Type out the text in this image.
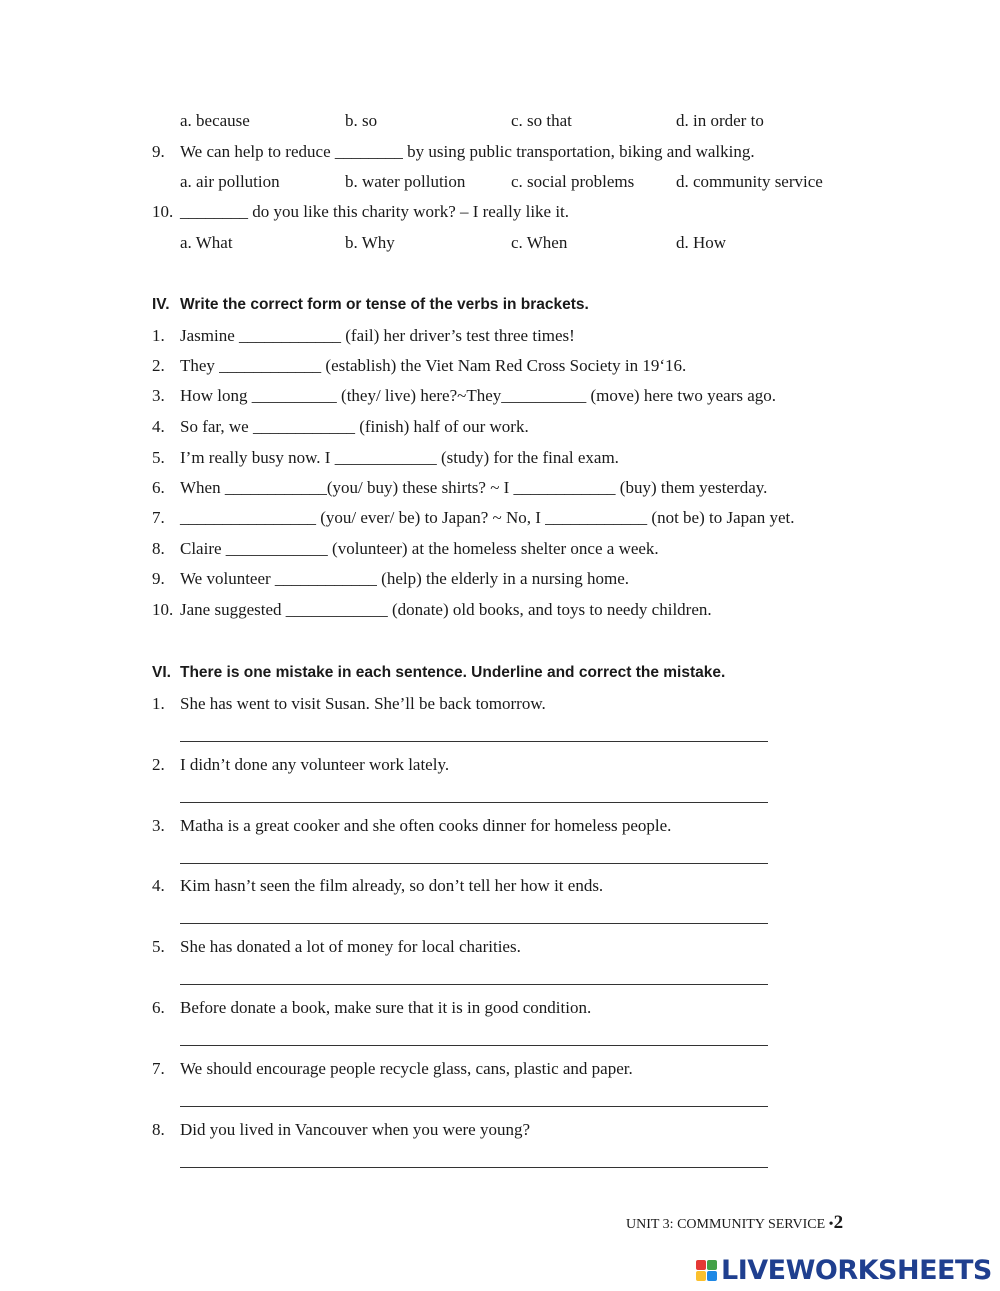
a. because	b. so	c. so that	d. in order to
9. We can help to reduce ________ by using public transportation, biking and walking.
a. air pollution	b. water pollution	c. social problems d. community service
10. ________ do you like this charity work? – I really like it.
a. What	b. Why	c. When	d. How
IV. Write the correct form or tense of the verbs in brackets.
1. Jasmine ____________ (fail) her driver’s test three times!
2. They ____________ (establish) the Viet Nam Red Cross Society in 19‘16.
3. How long __________ (they/ live) here?~They__________ (move) here two years ago.
4. So far, we ____________ (finish) half of our work.
5. I’m really busy now. I ____________ (study) for the final exam.
6. When ____________(you/ buy) these shirts? ~ I ____________ (buy) them yesterday.
7. ________________ (you/ ever/ be) to Japan? ~ No, I ____________ (not be) to Japan yet.
8. Claire ____________ (volunteer) at the homeless shelter once a week.
9. We volunteer ____________ (help) the elderly in a nursing home.
10. Jane suggested ____________ (donate) old books, and toys to needy children.
VI. There is one mistake in each sentence. Underline and correct the mistake.
1. She has went to visit Susan. She’ll be back tomorrow.
2. I didn’t done any volunteer work lately.
3. Matha is a great cooker and she often cooks dinner for homeless people.
4. Kim hasn’t seen the film already, so don’t tell her how it ends.
5. She has donated a lot of money for local charities.
6. Before donate a book, make sure that it is in good condition.
7. We should encourage people recycle glass, cans, plastic and paper.
8. Did you lived in Vancouver when you were young?
UNIT 3: COMMUNITY SERVICE •2
LIVEWORKSHEETS
